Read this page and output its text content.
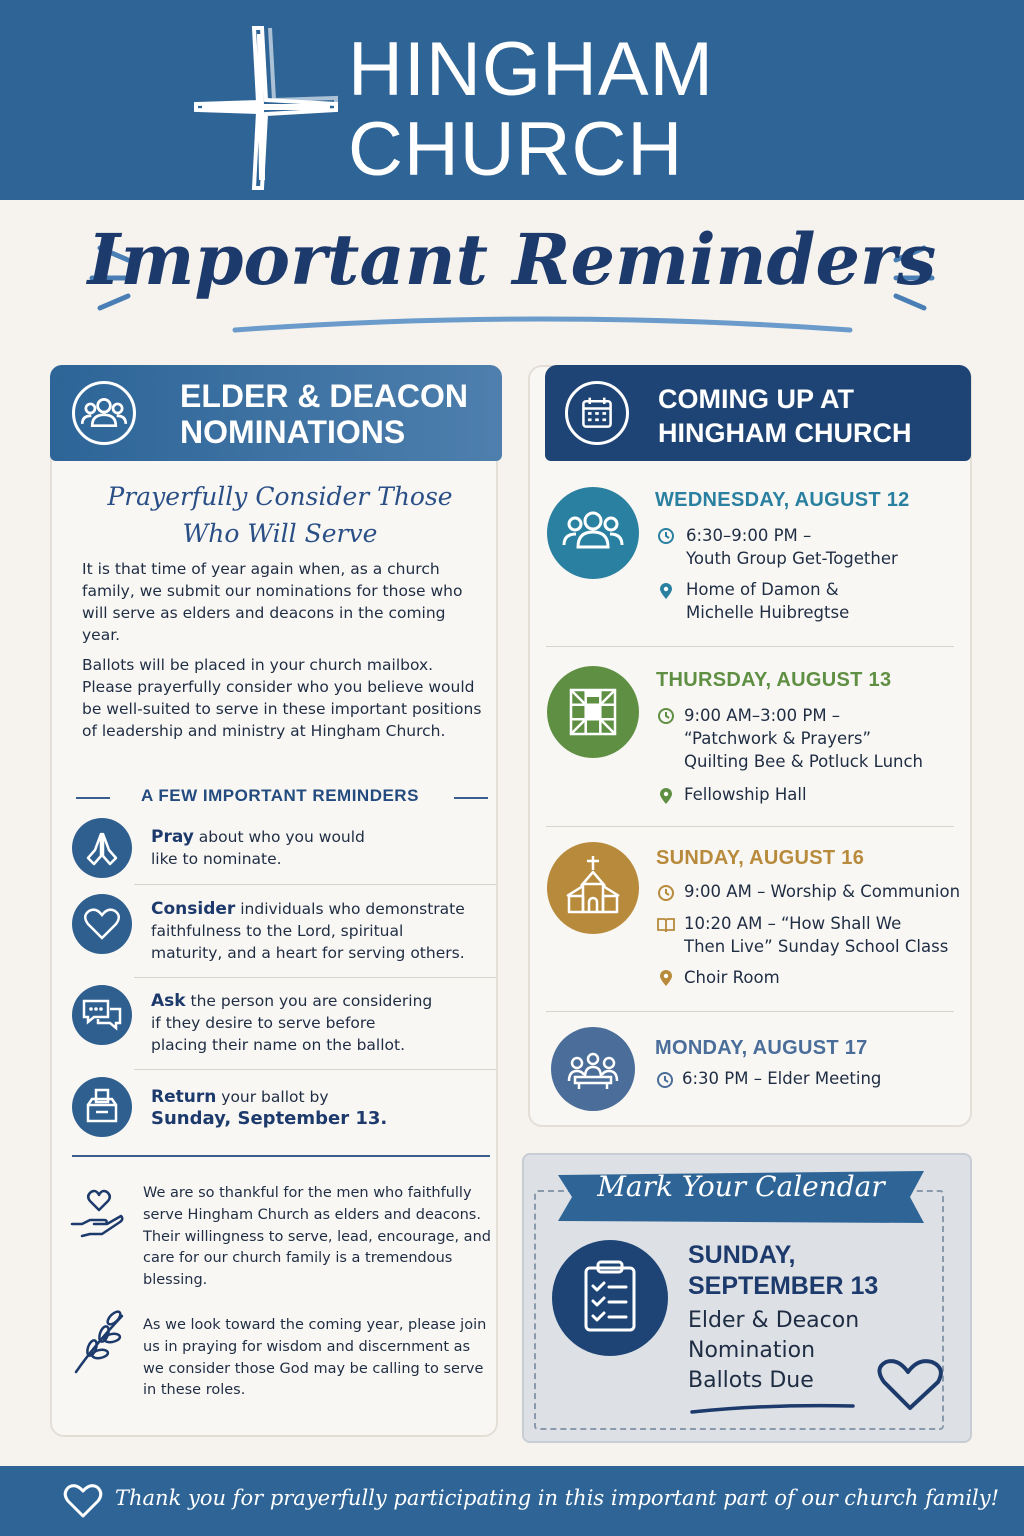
HINGHAM
CHURCH
Important Reminders
ELDER & DEACON
NOMINATIONS
Prayerfully Consider Those
Who Will Serve
It is that time of year again when, as a church family, we submit our nominations for those who will serve as elders and deacons in the coming year.
Ballots will be placed in your church mailbox. Please prayerfully consider who you believe would be well-suited to serve in these important positions of leadership and ministry at Hingham Church.
A FEW IMPORTANT REMINDERS
Pray about who you would
like to nominate.
Consider individuals who demonstrate
faithfulness to the Lord, spiritual
maturity, and a heart for serving others.
Ask the person you are considering
if they desire to serve before
placing their name on the ballot.
Return your ballot by
Sunday, September 13.
We are so thankful for the men who faithfully serve Hingham Church as elders and deacons. Their willingness to serve, lead, encourage, and care for our church family is a tremendous blessing.
As we look toward the coming year, please join us in praying for wisdom and discernment as we consider those God may be calling to serve in these roles.
COMING UP AT
HINGHAM CHURCH
WEDNESDAY, AUGUST 12
6:30–9:00 PM –
Youth Group Get-Together
Home of Damon &
Michelle Huibregtse
THURSDAY, AUGUST 13
9:00 AM–3:00 PM –
“Patchwork & Prayers”
Quilting Bee & Potluck Lunch
Fellowship Hall
SUNDAY, AUGUST 16
9:00 AM – Worship & Communion
10:20 AM – “How Shall We
Then Live” Sunday School Class
Choir Room
MONDAY, AUGUST 17
6:30 PM – Elder Meeting
Mark Your Calendar
SUNDAY,
SEPTEMBER 13
Elder & Deacon
Nomination
Ballots Due
Thank you for prayerfully participating in this important part of our church family!
